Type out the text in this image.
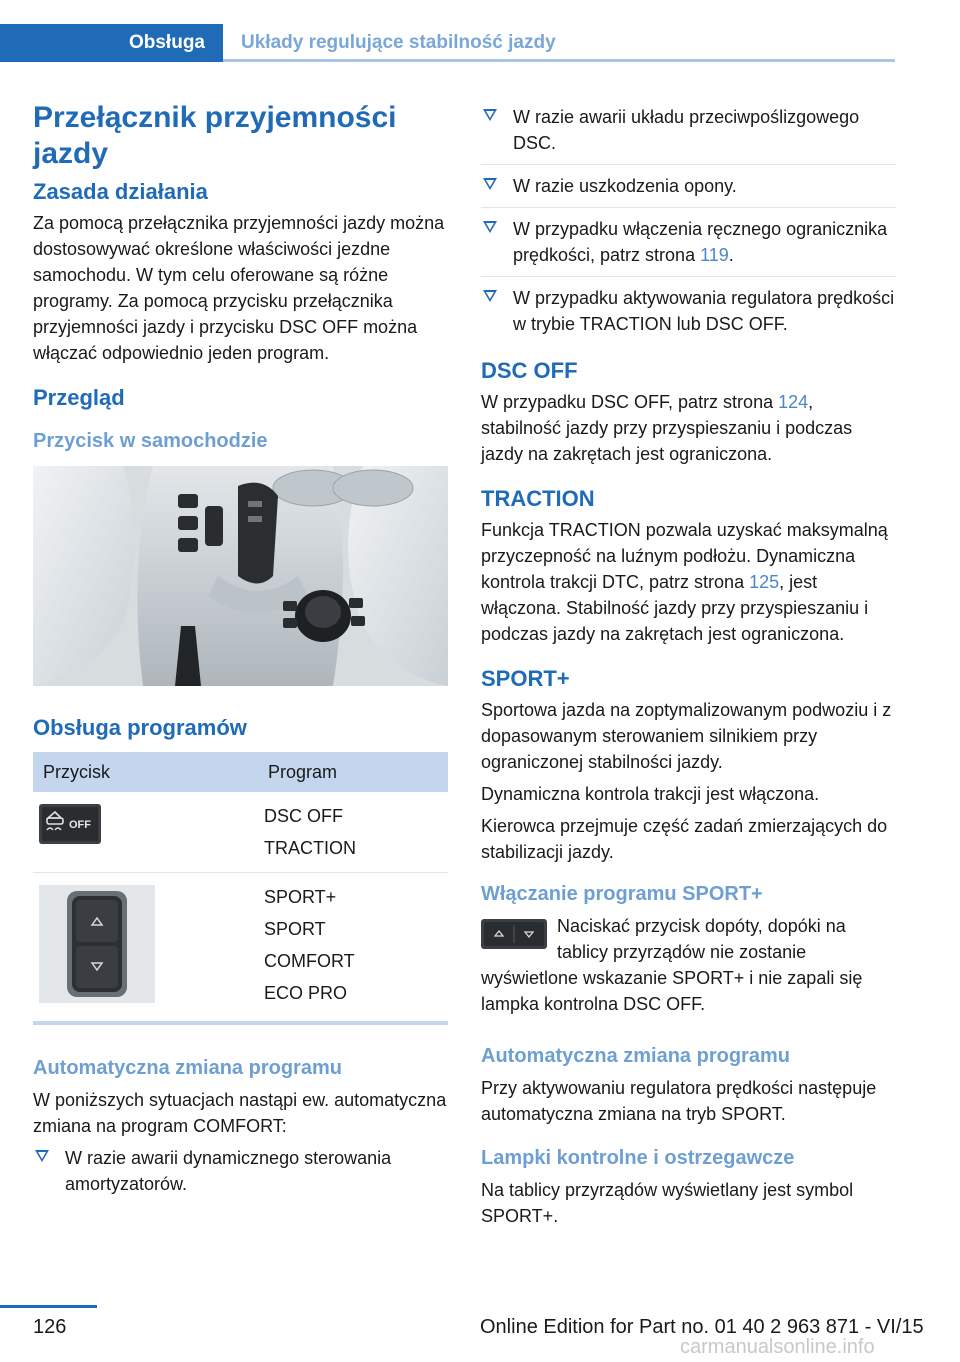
Obsługa	Układy regulujące stabilność jazdy
Przełącznik przyjemności jazdy
Zasada działania

Za pomocą przełącznika przyjemności jazdy można dostosowywać określone właściwości jezdne samochodu. W tym celu oferowane są różne programy. Za pomocą przycisku przełącznika przyjemności jazdy i przycisku DSC OFF można włączać odpowiednio jeden program.

Przegląd
Przycisk w samochodzie
Obsługa programów
Przycisk	Program

OFF	DSC OFF
TRACTION

SPORT+
SPORT
COMFORT
ECO PRO
Automatyczna zmiana programu

W poniższych sytuacjach nastąpi ew. automatyczna zmiana na program COMFORT:

W razie awarii dynamicznego sterowania amortyzatorów.
W razie awarii układu przeciwpoślizgowego DSC.
W razie uszkodzenia opony.
W przypadku włączenia ręcznego ogranicznika prędkości, patrz strona 119.
W przypadku aktywowania regulatora prędkości w trybie TRACTION lub DSC OFF.
DSC OFF

W przypadku DSC OFF, patrz strona 124, stabilność jazdy przy przyspieszaniu i podczas jazdy na zakrętach jest ograniczona.

TRACTION

Funkcja TRACTION pozwala uzyskać maksymalną przyczepność na luźnym podłożu. Dynamiczna kontrola trakcji DTC, patrz strona 125, jest włączona. Stabilność jazdy przy przyspieszaniu i podczas jazdy na zakrętach jest ograniczona.

SPORT+

Sportowa jazda na zoptymalizowanym podwoziu i z dopasowanym sterowaniem silnikiem przy ograniczonej stabilności jazdy.

Dynamiczna kontrola trakcji jest włączona.

Kierowca przejmuje część zadań zmierzających do stabilizacji jazdy.

Włączanie programu SPORT+

Naciskać przycisk dopóty, dopóki na tablicy przyrządów nie zostanie wyświetlone wskazanie SPORT+ i nie zapali się lampka kontrolna DSC OFF.

Automatyczna zmiana programu

Przy aktywowaniu regulatora prędkości następuje automatyczna zmiana na tryb SPORT.

Lampki kontrolne i ostrzegawcze

Na tablicy przyrządów wyświetlany jest symbol SPORT+.

126	Online Edition for Part no. 01 40 2 963 871 - VI/15
carmanualsonline.info
